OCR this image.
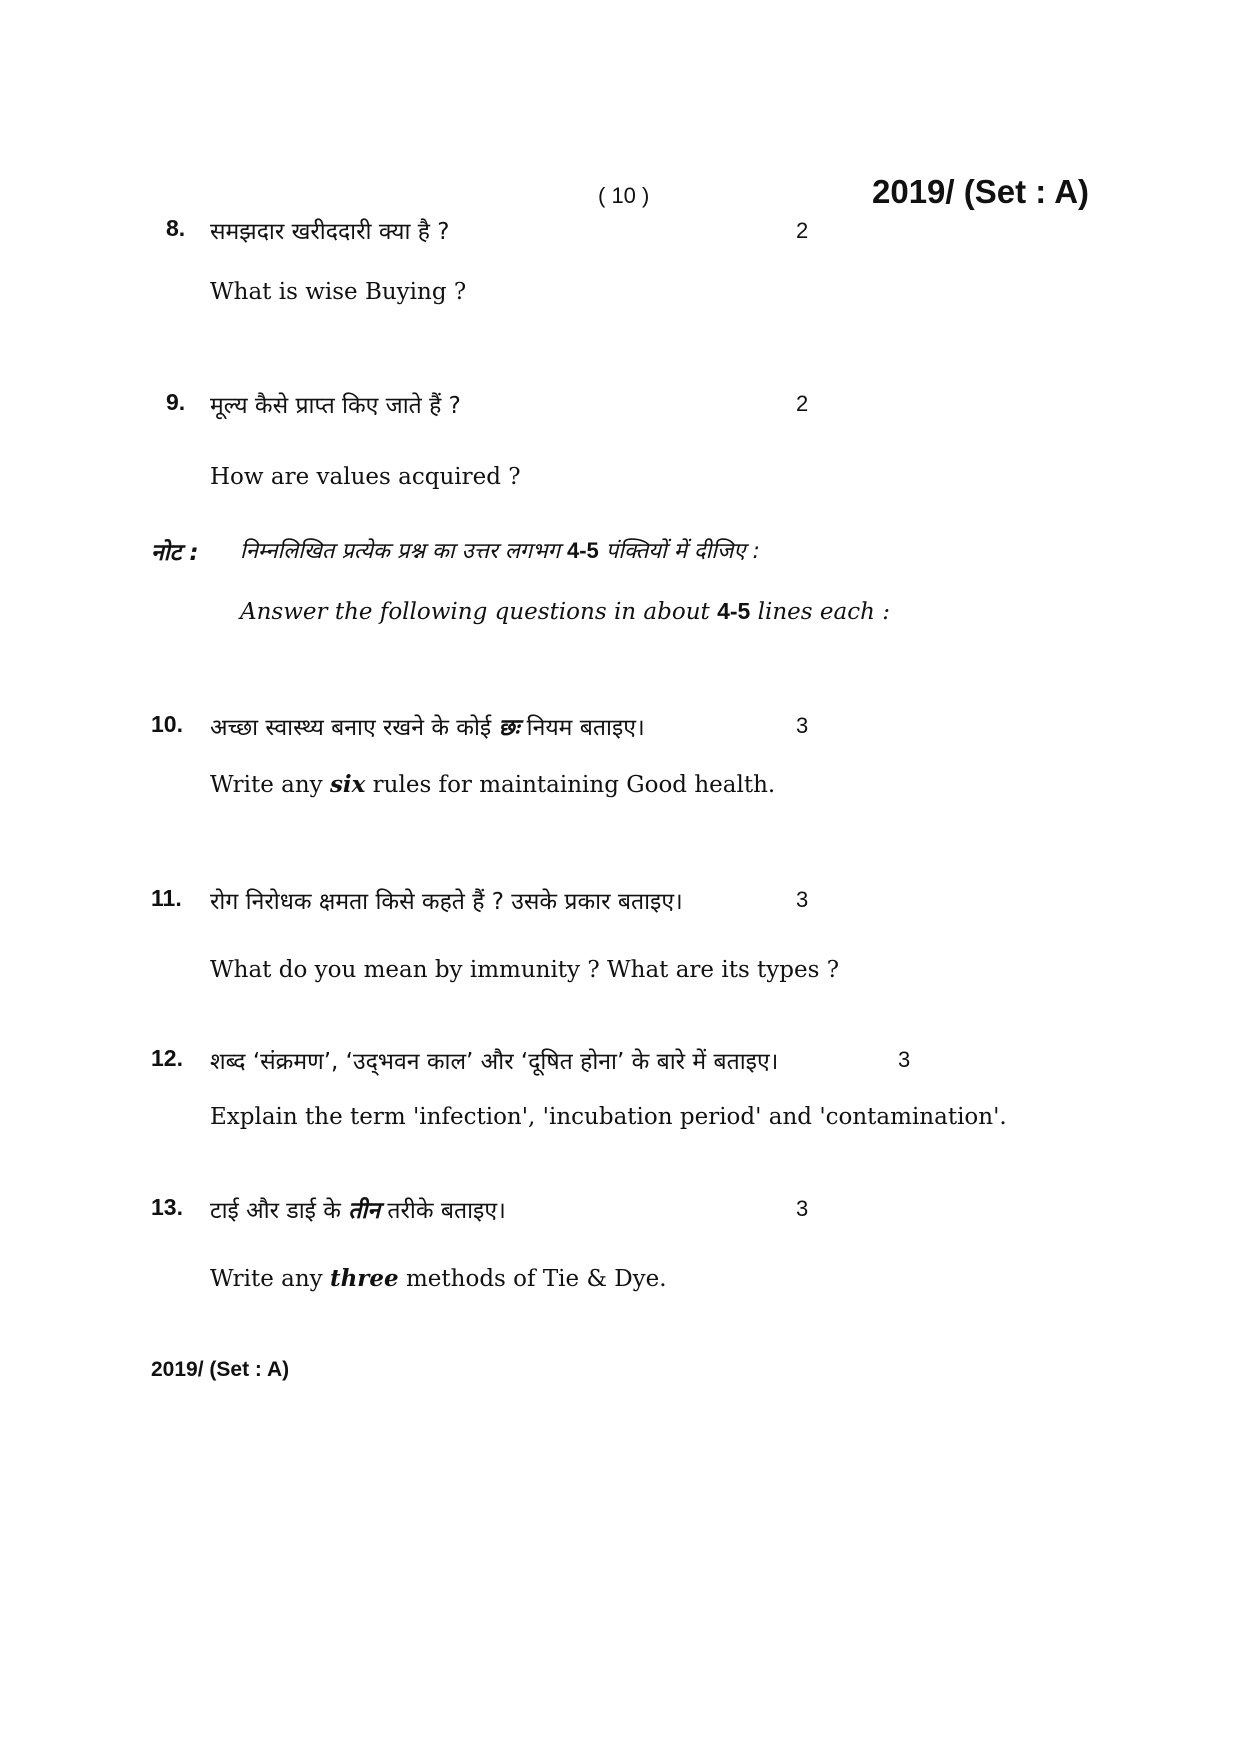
( 10 )	2019/ (Set : A)
8. समझदार खरीददारी क्या है ?	2
What is wise Buying ?
9. मूल्य कैसे प्राप्त किए जाते हैं ?	2
How are values acquired ?
नोट : निम्नलिखित प्रत्येक प्रश्न का उत्तर लगभग 4-5 पंक्तियों में दीजिए :
Answer the following questions in about 4-5 lines each :
10. अच्छा स्वास्थ्य बनाए रखने के कोई छः नियम बताइए।	3
Write any six rules for maintaining Good health.
11. रोग निरोधक क्षमता किसे कहते हैं ? उसके प्रकार बताइए।	3
What do you mean by immunity ? What are its types ?
12. शब्द ‘संक्रमण’, ‘उद्‌भवन काल’ और ‘दूषित होना’ के बारे में बताइए।	3
Explain the term 'infection', 'incubation period' and 'contamination'.
13. टाई और डाई के तीन तरीके बताइए।	3
Write any three methods of Tie & Dye.
2019/ (Set : A)
